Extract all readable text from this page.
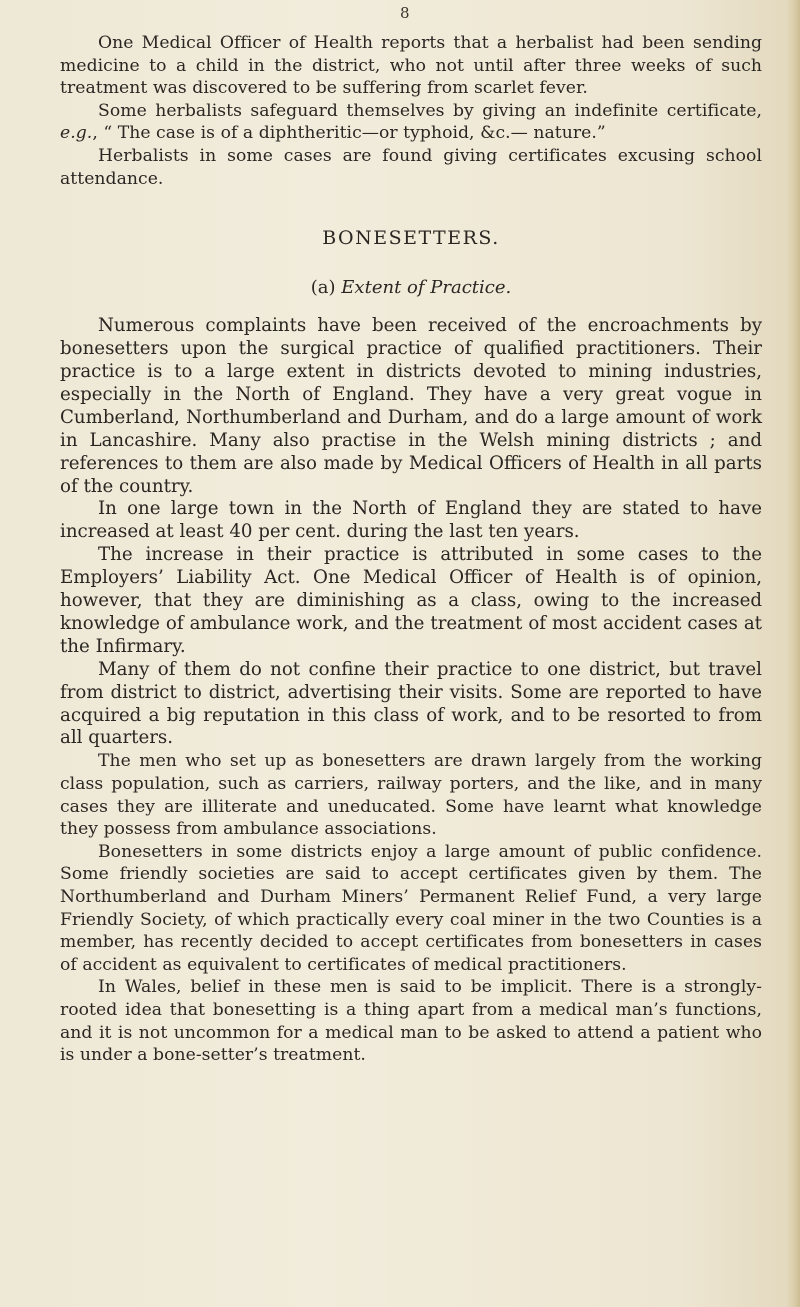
8

One Medical Officer of Health reports that a herbalist had been sending medicine to a child in the district, who not until after three weeks of such treatment was discovered to be suffering from scarlet fever.

Some herbalists safeguard themselves by giving an indefinite certificate, e.g., “ The case is of a diphtheritic—or typhoid, &c.— nature.”

Herbalists in some cases are found giving certificates excusing school attendance.

BONESETTERS.
(a) Extent of Practice.

Numerous complaints have been received of the encroachments by bonesetters upon the surgical practice of qualified practitioners. Their practice is to a large extent in districts devoted to mining industries, especially in the North of England. They have a very great vogue in Cumberland, Northumberland and Durham, and do a large amount of work in Lancashire. Many also practise in the Welsh mining districts ; and references to them are also made by Medical Officers of Health in all parts of the country.

In one large town in the North of England they are stated to have increased at least 40 per cent. during the last ten years.

The increase in their practice is attributed in some cases to the Employers’ Liability Act. One Medical Officer of Health is of opinion, however, that they are diminishing as a class, owing to the increased knowledge of ambulance work, and the treatment of most accident cases at the Infirmary.

Many of them do not confine their practice to one district, but travel from district to district, advertising their visits. Some are reported to have acquired a big reputation in this class of work, and to be resorted to from all quarters.

The men who set up as bonesetters are drawn largely from the working class population, such as carriers, railway porters, and the like, and in many cases they are illiterate and uneducated. Some have learnt what knowledge they possess from ambulance associations.

Bonesetters in some districts enjoy a large amount of public confidence. Some friendly societies are said to accept certificates given by them. The Northumberland and Durham Miners’ Permanent Relief Fund, a very large Friendly Society, of which practically every coal miner in the two Counties is a member, has recently decided to accept certificates from bonesetters in cases of accident as equivalent to certificates of medical practitioners.

In Wales, belief in these men is said to be implicit. There is a strongly-rooted idea that bonesetting is a thing apart from a medical man’s functions, and it is not uncommon for a medical man to be asked to attend a patient who is under a bone-setter’s treatment.
